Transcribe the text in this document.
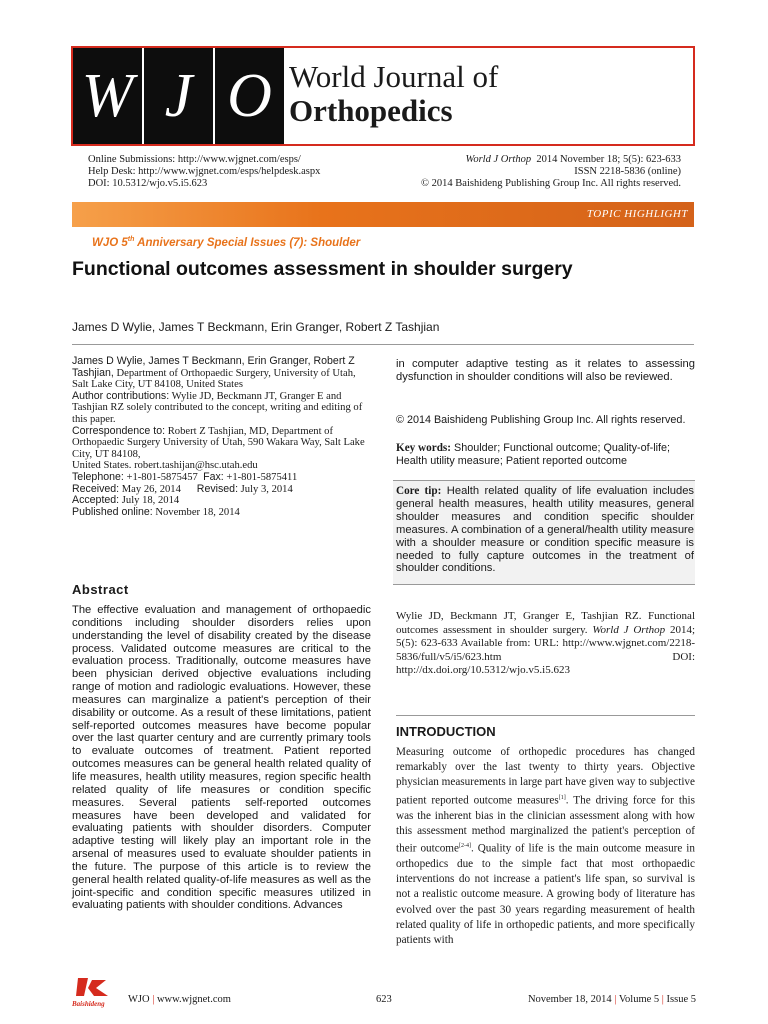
W J O World Journal of
Orthopedics
Online Submissions: http://www.wjgnet.com/esps/
Help Desk: http://www.wjgnet.com/esps/helpdesk.aspx
DOI: 10.5312/wjo.v5.i5.623
World J Orthop 2014 November 18; 5(5): 623-633
ISSN 2218-5836 (online)
© 2014 Baishideng Publishing Group Inc. All rights reserved.
TOPIC HIGHLIGHT
WJO 5th Anniversary Special Issues (7): Shoulder
Functional outcomes assessment in shoulder surgery
James D Wylie, James T Beckmann, Erin Granger, Robert Z Tashjian

James D Wylie, James T Beckmann, Erin Granger, Robert Z Tashjian, Department of Orthopaedic Surgery, University of Utah, Salt Lake City, UT 84108, United States

Author contributions: Wylie JD, Beckmann JT, Granger E and Tashjian RZ solely contributed to the concept, writing and editing of this paper.

Correspondence to: Robert Z Tashjian, MD, Department of Orthopaedic Surgery University of Utah, 590 Wakara Way, Salt Lake City, UT 84108,

United States. robert.tashijan@hsc.utah.edu

Telephone: +1-801-5875457 Fax: +1-801-5875411

Received: May 26, 2014 Revised: July 3, 2014

Accepted: July 18, 2014

Published online: November 18, 2014

Abstract

The effective evaluation and management of orthopaedic conditions including shoulder disorders relies upon understanding the level of disability created by the disease process. Validated outcome measures are critical to the evaluation process. Traditionally, outcome measures have been physician derived objective evaluations including range of motion and radiologic evaluations. However, these measures can marginalize a patient's perception of their disability or outcome. As a result of these limitations, patient self-reported outcomes measures have become popular over the last quarter century and are currently primary tools to evaluate outcomes of treatment. Patient reported outcomes measures can be general health related quality of life measures, health utility measures, region specific health related quality of life measures or condition specific measures. Several patients self-reported outcomes measures have been developed and validated for evaluating patients with shoulder disorders. Computer adaptive testing will likely play an important role in the arsenal of measures used to evaluate shoulder patients in the future. The purpose of this article is to review the general health related quality-of-life measures as well as the joint-specific and condition specific measures utilized in evaluating patients with shoulder conditions. Advances

in computer adaptive testing as it relates to assessing dysfunction in shoulder conditions will also be reviewed.

© 2014 Baishideng Publishing Group Inc. All rights reserved.

Key words: Shoulder; Functional outcome; Quality-of-life; Health utility measure; Patient reported outcome

Core tip: Health related quality of life evaluation includes general health measures, health utility measures, general shoulder measures and condition specific shoulder measures. A combination of a general/health utility measure with a shoulder measure or condition specific measure is needed to fully capture outcomes in the treatment of shoulder conditions.

Wylie JD, Beckmann JT, Granger E, Tashjian RZ. Functional outcomes assessment in shoulder surgery. World J Orthop 2014; 5(5): 623-633 Available from: URL: http://www.wjgnet.com/2218-5836/full/v5/i5/623.htm DOI: http://dx.doi.org/10.5312/wjo.v5.i5.623

INTRODUCTION

Measuring outcome of orthopedic procedures has changed remarkably over the last twenty to thirty years. Objective physician measurements in large part have given way to subjective patient reported outcome measures[1]. The driving force for this was the inherent bias in the clinician assessment along with how this assessment method marginalized the patient's perception of their outcome[2-4]. Quality of life is the main outcome measure in orthopedics due to the simple fact that most orthopaedic interventions do not increase a patient's life span, so survival is not a realistic outcome measure. A growing body of literature has evolved over the past 30 years regarding measurement of health related quality of life in orthopedic patients, and more specifically patients with

Baishideng WJO | www.wjgnet.com	623	November 18, 2014 | Volume 5 | Issue 5
